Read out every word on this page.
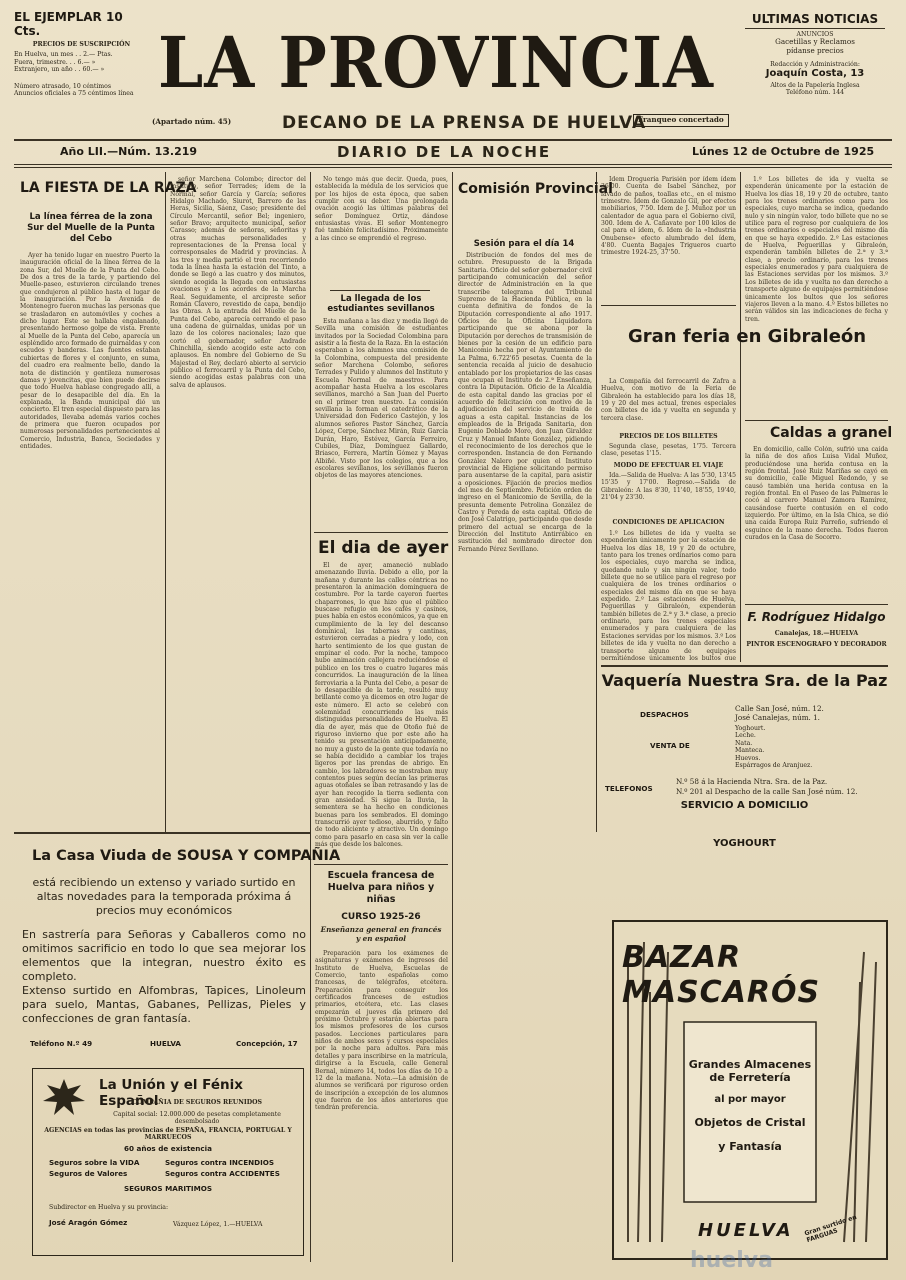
EL EJEMPLAR 10 Cts.
PRECIOS DE SUSCRIPCIÓN
En Huelva, un mes . . 2.— Ptas.
Fuera, trimestre. . . 6.— »
Extranjero, un año . . 60.— »
Número atrasado, 10 céntimos
Anuncios oficiales a 75 céntimos línea LA PROVINCIA
(Apartado núm. 45)	DECANO DE LA PRENSA DE HUELVA
Franqueo concertado
ULTIMAS NOTICIAS
ANUNCIOS
Gacetillas y Reclamos
pídanse precios
Redacción y Administración:
Joaquín Costa, 13
Altos de la Papelería Inglesa
Teléfono núm. 144
Año LII.—Núm. 13.219	DIARIO DE LA NOCHE	Lúnes 12 de Octubre de 1925
LA FIESTA DE LA RAZA
La línea férrea de la zona Sur del Muelle de la Punta del Cebo

Ayer ha tenido lugar en nuestro Puerto la inauguración oficial de la línea férrea de la zona Sur, del Muelle de la Punta del Cebo. De dos a tres de la tarde, y partiendo del Muelle-paseo, estuvieron circulando trenes que condujeron al público hasta el lugar de la inauguración. Por la Avenida de Montenegro fueron muchas las personas que se trasladaron en automóviles y coches a dicho lugar. Este se hallaba engalanado, presentando hermoso golpe de vista. Frente al Muelle de la Punta del Cebo, aparecía un espléndido arco formado de guirnaldas y con escudos y banderas. Las fuentes estaban cubiertas de flores y el conjunto, en suma, del cuadro era realmente bello, dando la nota de distinción y gentileza numerosas damas y jovencitas, que bien puede decirse que todo Huelva habíase congregado allí, a pesar de lo desapacible del día. En la explanada, la Banda municipal dió un concierto. El tren especial dispuesto para las autoridades, llevaba además varios coches de primera que fueron ocupados por numerosas personalidades pertenecientes al Comercio, Industria, Banca, Sociedades y entidades.

señor Marchena Colombo; director del Instituto, señor Terrades; ídem de la Normal, señor García y García; señores Hidalgo Machado, Siurot, Barrero de las Heras, Sicilia, Sáenz, Caso; presidente del Círculo Mercantil, señor Bel; ingeniero, señor Bravo; arquitecto municipal, señor Carasso; además de señoras, señoritas y otras muchas personalidades y representaciones de la Prensa local y corresponsales de Madrid y provincias. A las tres y media partió el tren recorriendo toda la línea hasta la estación del Tinto, a donde se llegó a las cuatro y dos minutos, siendo acogida la llegada con entusiastas ovaciones y a los acordes de la Marcha Real. Seguidamente, el arcipreste señor Román Clavero, revestido de capa, bendijo las Obras. A la entrada del Muelle de la Punta del Cebo, aparecía cerrando el paso una cadena de guirnaldas, unidas por un lazo de los colores nacionales; lazo que cortó el gobernador, señor Andrade Chinchilla, siendo acogido este acto con aplausos. En nombre del Gobierno de Su Majestad el Rey, declaró abierto al servicio público el ferrocarril y la Punta del Cebo, siendo acogidas estas palabras con una salva de aplausos.

No tengo más que decir. Queda, pues, establecida la médula de los servicios que por los hijos de esta época, que saben cumplir con su deber. Una prolongada ovación acogió las últimas palabras del señor Domínguez Ortiz, dándose entusiastas vivas. El señor Montenegro fué también felicitadísimo. Próximamente a las cinco se emprendió el regreso.

La llegada de los estudiantes sevillanos

Esta mañana a las diez y media llegó de Sevilla una comisión de estudiantes invitados por la Sociedad Colombina para asistir a la fiesta de la Raza. En la estación esperaban a los alumnos una comisión de la Colombina, compuesta del presidente señor Marchena Colombo, señores Terrades y Pulido y alumnos del Instituto y Escuela Normal de maestros. Para acompañar hasta Huelva a los escolares sevillanos, marchó a San Juan del Puerto en el primer tren nuestro. La comisión sevillana la forman el catedrático de la Universidad don Federico Castejón, y los alumnos señores Pastor Sánchez, García López, Cerpe, Sánchez Mirán, Ruiz García Durán, Haro, Estévez, García Ferreiro, Cubiles, Díaz, Domínguez Gallardo, Briasco, Ferrera, Martín Gómez y Mayas Albiñé. Visto por los colegios, que a los escolares sevillanos, los sevillanos fueron objetos de las mayores atenciones.

El dia de ayer

El de ayer, amaneció nublado amenazando lluvia. Debido a ello, por la mañana y durante las calles céntricas no presentaron la animación dominguera de costumbre. Por la tarde cayeron fuertes chaparrones, lo que hizo que el público buscase refugio en los cafés y casinos, pues había en estos económicos, ya que en cumplimiento de la ley del descanso dominical, las tabernas y cantinas, estuvieron cerradas a piedra y lodo, con harto sentimiento de los que gustan de empinar el codo. Por la noche, tampoco hubo animación callejera reduciéndose el público en los tres o cuatro lugares más concurridos. La inauguración de la línea ferroviaria a la Punta del Cebo, a pesar de lo desapacible de la tarde, resultó muy brillante como ya dicemos en otro lugar de este número. El acto se celebró con solemnidad concurriendo las más distinguidas personalidades de Huelva. El día de ayer, más que de Otoño fué de riguroso invierno que por este año ha tenido su presentación anticipadamente, no muy a gusto de la gente que todavía no se había decidido a cambiar los trajes ligeros por las prendas de abrigo. En cambio, los labradores se mostraban muy contentos pues según decían las primeras aguas otoñales se iban retrasando y las de ayer han recogido la tierra sedienta con gran ansiedad. Si sigue la lluvia, la sementera se ha hecho en condiciones buenas para los sembrados. El domingo transcurrió ayer tedioso, aburrido, y falto de todo aliciente y atractivo. Un domingo como para pasarlo en casa sin ver la calle más que desde los balcones.

Comisión Provincial
Sesión para el día 14

Distribución de fondos del mes de octubre. Presupuesto de la Brigada Sanitaria. Oficio del señor gobernador civil participando comunicación del señor director de Administración en la que transcribe telegrama del Tribunal Supremo de la Hacienda Pública, en la cuenta definitiva de fondos de la Diputación correspondiente al año 1917. Oficios de la Oficina Liquidadora participando que se abona por la Diputación por derechos de transmisión de bienes por la cesión de un edificio para Manicomio hecha por el Ayuntamiento de La Palma, 6.722'65 pesetas. Cuenta de la sentencia recaída al juicio de desahucio entablado por los propietarios de las casas que ocupan el Instituto de 2.ª Enseñanza, contra la Diputación. Oficio de la Alcaldía de esta capital dando las gracias por el acuerdo de felicitación con motivo de la adjudicación del servicio de traída de aguas a esta capital. Instancias de los empleados de la Brigada Sanitaria, don Eugenio Doblado Moro, don Juan Giraldez Cruz y Manuel Infante González, pidiendo el reconocimiento de los derechos que le corresponden. Instancia de don Fernando González Nalero por quien el Instituto provincial de Higiene solicitando permiso para ausentarse de la capital, para asistir a oposiciones. Fijación de precios medios del mes de Septiembre. Petición orden de ingreso en el Manicomio de Sevilla, de la presunta demente Petrolina González de Castro y Pereda de esta capital. Oficio de don José Calatrigo, participando que desde primero del actual se encarga de la Dirección del Instituto Antirrábico en sustitución del nombrado director don Fernando Pérez Sevillano.

Idem Droguería Parisién por ídem ídem 36,00. Cuenta de Isabel Sánchez, por lavado de paños, toallas etc., en el mismo trimestre. Idem de Gonzalo Gil, por efectos mobiliarios, 7'50. Idem de J. Muñoz por un calentador de agua para el Gobierno civil, 300. Idem de A. Cañavate por 100 kilos de cal para el ídem, 6. Idem de la «Industria Onubense» efecto alumbrado del ídem, 4'80. Cuenta Bagajes Trigueros cuarto trimestre 1924-25, 37'50.

Gran feria en Gibraleón

La Compañía del ferrocarril de Zafra a Huelva, con motivo de la Feria de Gibraleón ha establecido para los días 18, 19 y 20 del mes actual, trenes especiales con billetes de ida y vuelta en segunda y tercera clase.

PRECIOS DE LOS BILLETES

Segunda clase, pesetas, 1'75. Tercera clase, pesetas 1'15.

MODO DE EFECTUAR EL VIAJE

Ida.—Salida de Huelva: A las 5'30, 13'45 15'35 y 17'00. Regreso.—Salida de Gibraleón: A las 8'30, 11'40, 18'55, 19'40, 21'04 y 23'30.

CONDICIONES DE APLICACION

1.º Los billetes de ida y vuelta se expenderán únicamente por la estación de Huelva los días 18, 19 y 20 de octubre, tanto para los trenes ordinarios como para los especiales, cuyo marcha se indica, quedando nulo y sin ningún valor, todo billete que no se utilice para el regreso por cualquiera de los trenes ordinarios o especiales del mismo día en que se haya expedido. 2.º Las estaciones de Huelva, Peguerillas y Gibraleón, expenderán también billetes de 2.ª y 3.ª clase, a precio ordinario, para los trenes especiales enumerados y para cualquiera de las Estaciones servidas por los mismos. 3.º Los billetes de ida y vuelta no dan derecho a transporte alguno de equipajes permitiéndose únicamente los bultos que

1.º Los billetes de ida y vuelta se expenderán únicamente por la estación de Huelva los días 18, 19 y 20 de octubre, tanto para los trenes ordinarios como para los especiales, cuyo marcha se indica, quedando nulo y sin ningún valor, todo billete que no se utilice para el regreso por cualquiera de los trenes ordinarios o especiales del mismo día en que se haya expedido. 2.º Las estaciones de Huelva, Peguerillas y Gibraleón, expenderán también billetes de 2.ª y 3.ª clase, a precio ordinario, para los trenes especiales enumerados y para cualquiera de las Estaciones servidas por los mismos. 3.º Los billetes de ida y vuelta no dan derecho a transporte alguno de equipajes permitiéndose únicamente los bultos que los señores viajeros lleven a la mano. 4.º Estos billetes no serán válidos sin las indicaciones de fecha y tren.

Caldas a granel

En domicilio, calle Colón, sufrió una caída la niña de dos años Luisa Vidal Muñoz, produciéndose una herida contusa en la región frontal. José Ruiz Mariñas se cayó en su domicilio, calle Miguel Redondo, y se causó también una herida contusa en la región frontal. En el Paseo de las Palmeras le cocó al carrero Manuel Zamora Ramírez, causándose fuerte contusión en el codo izquierdo. Por último, en la Isla Chica, se dió una caída Europa Ruiz Parreño, sufriendo el esguince de la mano derecha. Todos fueron curados en la Casa de Socorro.

F. Rodríguez Hidalgo
Canalejas, 18.—HUELVA
PINTOR ESCENOGRAFO Y DECORADOR
Vaquería Nuestra Sra. de la Paz
DESPACHOS
Calle San José, núm. 12.
José Canalejas, núm. 1.
VENTA DE
Yoghourt.
Leche.
Nata.
Manteca.
Huevos.
Espárragos de Aranjuez.
TELEFONOS
N.º 58 á la Hacienda Ntra. Sra. de la Paz.
N.º 201 al Despacho de la calle San José núm. 12.
SERVICIO A DOMICILIO
YOGHOURT
La Casa Viuda de SOUSA Y COMPAÑIA
está recibiendo un extenso y variado surtido en altas novedades para la temporada próxima á precios muy económicos
En sastrería para Señoras y Caballeros como no omitimos sacrificio en todo lo que sea mejorar los elementos que la integran, nuestro éxito es completo.
Extenso surtido en Alfombras, Tapices, Linoleum para suelo, Mantas, Gabanes, Pellizas, Pieles y confecciones de gran fantasía.
Teléfono N.º 49	HUELVA	Concepción, 17
La Unión y el Fénix Español
COMPAÑIA DE SEGUROS REUNIDOS
Capital social: 12.000.000 de pesetas completamente desembolsado
AGENCIAS en todas las provincias de ESPAÑA, FRANCIA, PORTUGAL Y MARRUECOS
60 años de existencia
Seguros sobre la VIDA	Seguros contra INCENDIOS
Seguros de Valores	Seguros contra ACCIDENTES
SEGUROS MARITIMOS
Subdirector en Huelva y su provincia:
José Aragón Gómez	Vázquez López, 1.—HUELVA
Escuela francesa de Huelva para niños y niñas
CURSO 1925-26
Enseñanza general en francés y en español

Preparación para los exámenes de asignaturas y exámenes de ingresos del Instituto de Huelva, Escuelas de Comercio, tanto españolas como francesas, de telégrafos, etcétera. Preparación para conseguir los certificados franceses de estudios primarios, etcétera, etc. Las clases empezarán el jueves día primero del próximo Octubre y estarán abiertas para los mismos profesores de los cursos pasados. Lecciones particulares para niños de ambos sexos y cursos especiales por la noche para adultos. Para más detalles y para inscribirse en la matrícula, dirigirse a la Escuela, calle General Bernal, número 14, todos los días de 10 a 12 de la mañana. Nota.—La admisión de alumnos se verificará por riguroso orden de inscripción a excepción de los alumnos que fueron de los años anteriores que tendrán preferencia.

BAZAR MASCARÓS
Grandes Almacenes de Ferretería
al por mayor
Objetos de Cristal
y Fantasía
HUELVA Gran surtido en FARGUAS
huelva
